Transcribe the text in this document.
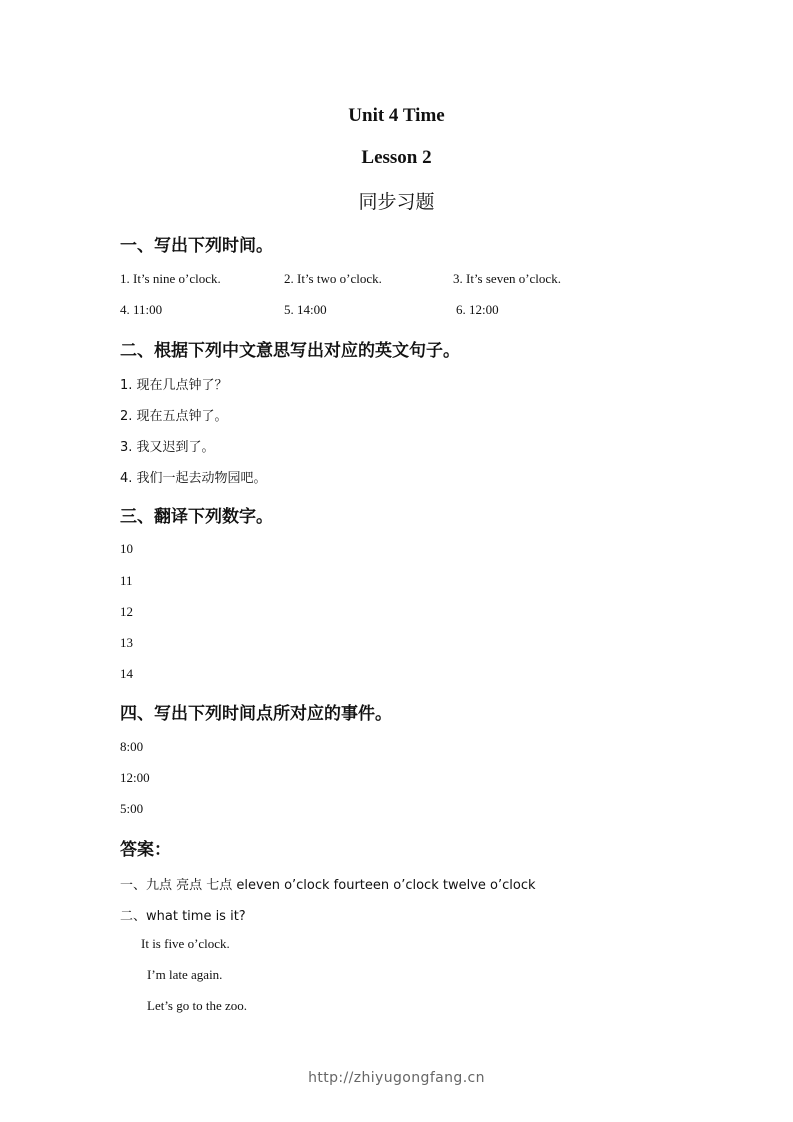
Unit 4 Time
Lesson 2
同步习题
一、写出下列时间。
1. It’s nine o’clock.	2. It’s two o’clock.	3. It’s seven o’clock.
4. 11:00	5. 14:00	6. 12:00
二、根据下列中文意思写出对应的英文句子。
1. 现在几点钟了？
2. 现在五点钟了。
3. 我又迟到了。
4. 我们一起去动物园吧。
三、翻译下列数字。
10
11
12
13
14
四、写出下列时间点所对应的事件。
8:00
12:00
5:00
答案：
一、九点 亮点 七点 eleven o’clock fourteen o’clock twelve o’clock
二、what time is it?
It is five o’clock.
I’m late again.
Let’s go to the zoo.
http://zhiyugongfang.cn
